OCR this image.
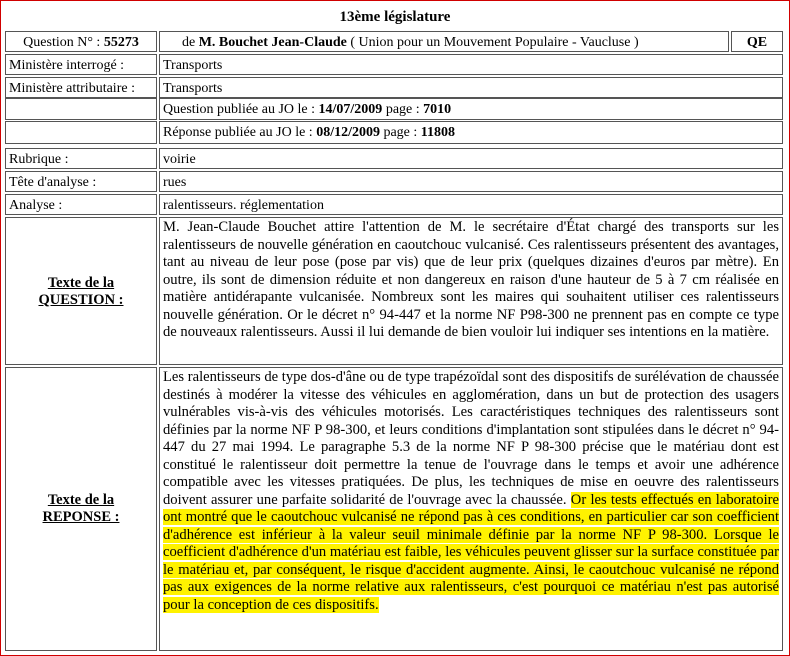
13ème législature
Question N° : 55273	de M. Bouchet Jean-Claude ( Union pour un Mouvement Populaire - Vaucluse )	QE
Ministère interrogé :	Transports
Ministère attributaire :	Transports
Question publiée au JO le : 14/07/2009 page : 7010
Réponse publiée au JO le : 08/12/2009 page : 11808
Rubrique :	voirie
Tête d'analyse :	rues
Analyse :	ralentisseurs. réglementation
Texte de la
QUESTION :
M. Jean-Claude Bouchet attire l'attention de M. le secrétaire d'État chargé des transports sur les ralentisseurs de nouvelle génération en caoutchouc vulcanisé. Ces ralentisseurs présentent des avantages, tant au niveau de leur pose (pose par vis) que de leur prix (quelques dizaines d'euros par mètre). En outre, ils sont de dimension réduite et non dangereux en raison d'une hauteur de 5 à 7 cm réalisée en matière antidérapante vulcanisée. Nombreux sont les maires qui souhaitent utiliser ces ralentisseurs nouvelle génération. Or le décret n° 94-447 et la norme NF P98-300 ne prennent pas en compte ce type de nouveaux ralentisseurs. Aussi il lui demande de bien vouloir lui indiquer ses intentions en la matière.
Texte de la
REPONSE :
Les ralentisseurs de type dos-d'âne ou de type trapézoïdal sont des dispositifs de surélévation de chaussée destinés à modérer la vitesse des véhicules en agglomération, dans un but de protection des usagers vulnérables vis-à-vis des véhicules motorisés. Les caractéristiques techniques des ralentisseurs sont définies par la norme NF P 98-300, et leurs conditions d'implantation sont stipulées dans le décret n° 94-447 du 27 mai 1994. Le paragraphe 5.3 de la norme NF P 98-300 précise que le matériau dont est constitué le ralentisseur doit permettre la tenue de l'ouvrage dans le temps et avoir une adhérence compatible avec les vitesses pratiquées. De plus, les techniques de mise en oeuvre des ralentisseurs doivent assurer une parfaite solidarité de l'ouvrage avec la chaussée. Or les tests effectués en laboratoire ont montré que le caoutchouc vulcanisé ne répond pas à ces conditions, en particulier car son coefficient d'adhérence est inférieur à la valeur seuil minimale définie par la norme NF P 98-300. Lorsque le coefficient d'adhérence d'un matériau est faible, les véhicules peuvent glisser sur la surface constituée par le matériau et, par conséquent, le risque d'accident augmente. Ainsi, le caoutchouc vulcanisé ne répond pas aux exigences de la norme relative aux ralentisseurs, c'est pourquoi ce matériau n'est pas autorisé pour la conception de ces dispositifs.
